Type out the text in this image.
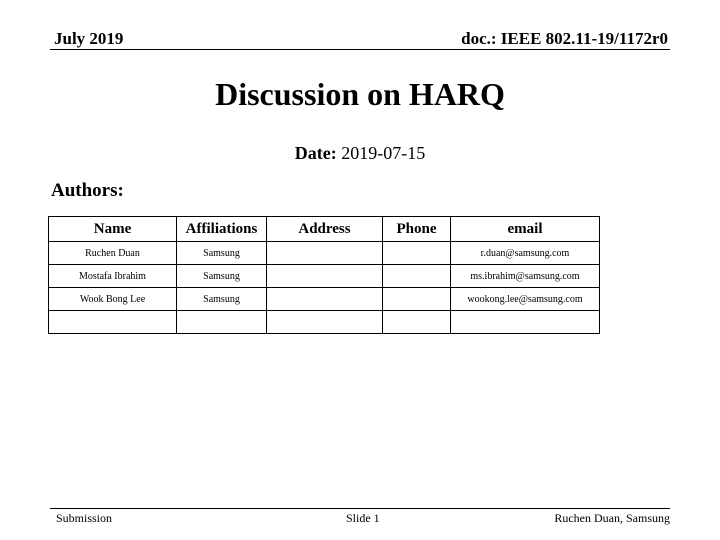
July 2019	doc.: IEEE 802.11-19/1172r0
Discussion on HARQ
Date: 2019-07-15
Authors:
Name	Affiliations	Address	Phone	email
Ruchen Duan	Samsung			r.duan@samsung.com
Mostafa Ibrahim	Samsung			ms.ibrahim@samsung.com
Wook Bong Lee	Samsung			wookong.lee@samsung.com

Submission	Slide 1	Ruchen Duan, Samsung
